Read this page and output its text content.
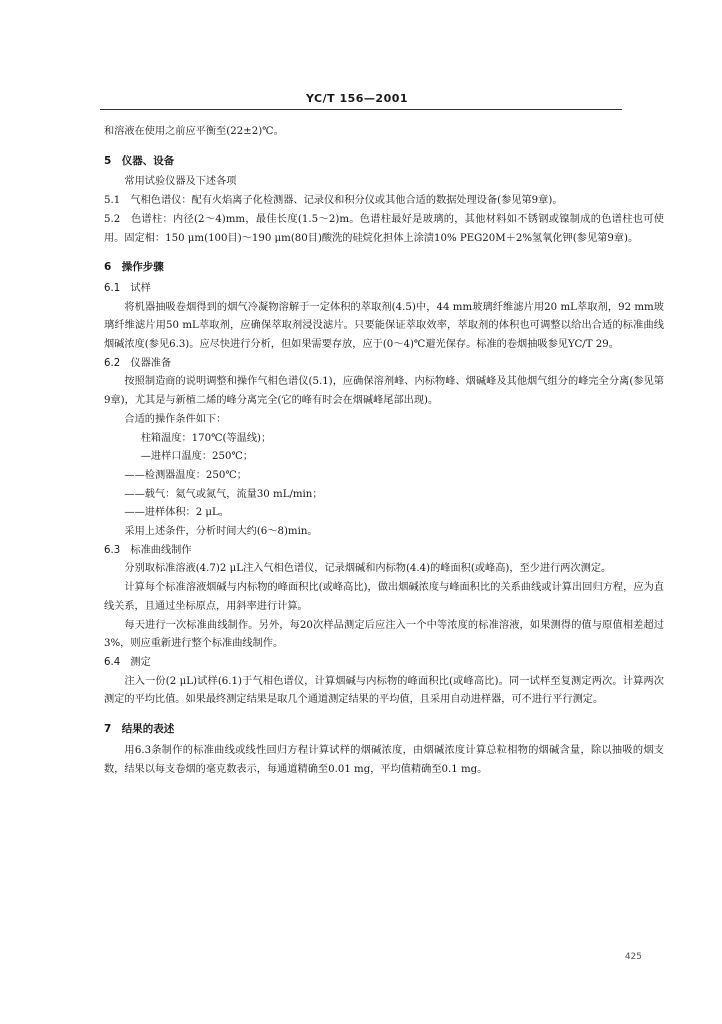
YC/T 156—2001

和溶液在使用之前应平衡至(22±2)℃。

5　仪器、设备

常用试验仪器及下述各项

5.1　气相色谱仪：配有火焰离子化检测器、记录仪和积分仪或其他合适的数据处理设备(参见第9章)。

5.2　色谱柱：内径(2～4)mm，最佳长度(1.5～2)m。色谱柱最好是玻璃的，其他材料如不锈钢或镍制成的色谱柱也可使用。固定相：150 μm(100目)～190 μm(80目)酸洗的硅烷化担体上涂渍10% PEG20M＋2%氢氧化钾(参见第9章)。

6　操作步骤

6.1　试样

将机器抽吸卷烟得到的烟气冷凝物溶解于一定体积的萃取剂(4.5)中，44 mm玻璃纤维滤片用20 mL萃取剂，92 mm玻璃纤维滤片用50 mL萃取剂，应确保萃取剂浸没滤片。只要能保证萃取效率，萃取剂的体积也可调整以给出合适的标准曲线烟碱浓度(参见6.3)。应尽快进行分析，但如果需要存放，应于(0～4)℃避光保存。标准的卷烟抽吸参见YC/T 29。

6.2　仪器准备

按照制造商的说明调整和操作气相色谱仪(5.1)，应确保溶剂峰、内标物峰、烟碱峰及其他烟气组分的峰完全分离(参见第9章)，尤其是与新植二烯的峰分离完全(它的峰有时会在烟碱峰尾部出现)。

合适的操作条件如下：

柱箱温度：170℃(等温线)；

—进样口温度：250℃；

——检测器温度：250℃；

——载气：氦气或氮气，流量30 mL/min；

——进样体积：2 μL。

采用上述条件，分析时间大约(6～8)min。

6.3　标准曲线制作

分别取标准溶液(4.7)2 μL注入气相色谱仪，记录烟碱和内标物(4.4)的峰面积(或峰高)，至少进行两次测定。

计算每个标准溶液烟碱与内标物的峰面积比(或峰高比)，做出烟碱浓度与峰面积比的关系曲线或计算出回归方程，应为直线关系，且通过坐标原点，用斜率进行计算。

每天进行一次标准曲线制作。另外，每20次样品测定后应注入一个中等浓度的标准溶液，如果测得的值与原值相差超过3%，则应重新进行整个标准曲线制作。

6.4　测定

注入一份(2 μL)试样(6.1)于气相色谱仪，计算烟碱与内标物的峰面积比(或峰高比)。同一试样至复测定两次。计算两次测定的平均比值。如果最终测定结果是取几个通道测定结果的平均值，且采用自动进样器，可不进行平行测定。

7　结果的表述

用6.3条制作的标准曲线或线性回归方程计算试样的烟碱浓度，由烟碱浓度计算总粒相物的烟碱含量，除以抽吸的烟支数，结果以每支卷烟的毫克数表示，每通道精确至0.01 mg，平均值精确至0.1 mg。

425
